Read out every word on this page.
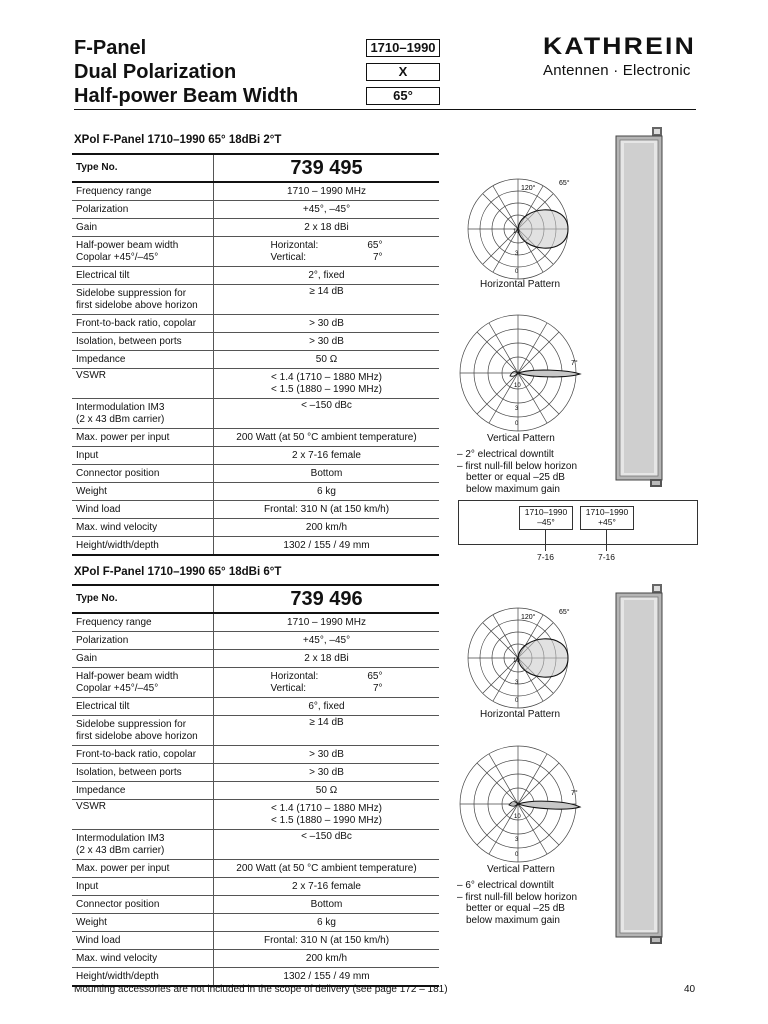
F-Panel
Dual Polarization
Half-power Beam Width
1710–1990
X
65°
KATHREIN
Antennen · Electronic
XPol F-Panel 1710–1990 65° 18dBi 2°T
Type No.	739 495
Frequency range	1710 – 1990 MHz
Polarization	+45°, –45°
Gain	2 x 18 dBi

Half-power beam width
Copolar +45°/–45°	Horizontal: 65°
Vertical: 7°

Electrical tilt	2°, fixed

Sidelobe suppression for
first sidelobe above horizon	≥ 14 dB
Front-to-back ratio, copolar	> 30 dB
Isolation, between ports	> 30 dB
Impedance	50 Ω
VSWR	< 1.4 (1710 – 1880 MHz)
< 1.5 (1880 – 1990 MHz)

Intermodulation IM3
(2 x 43 dBm carrier)	< –150 dBc
Max. power per input	200 Watt (at 50 °C ambient temperature)
Input	2 x 7-16 female
Connector position	Bottom
Weight	6 kg
Wind load	Frontal: 310 N (at 150 km/h)
Max. wind velocity	200 km/h
Height/width/depth	1302 / 155 / 49 mm
120°
65°
10
3
0
Horizontal Pattern
7°
10
3
0
Vertical Pattern
– 2° electrical downtilt
– first null-fill below horizon
better or equal –25 dB
below maximum gain
1710–1990
–45°
1710–1990
+45°
7-16	7-16
XPol F-Panel 1710–1990 65° 18dBi 6°T
Type No.	739 496
Frequency range	1710 – 1990 MHz
Polarization	+45°, –45°
Gain	2 x 18 dBi

Half-power beam width
Copolar +45°/–45°	Horizontal: 65°
Vertical: 7°

Electrical tilt	6°, fixed

Sidelobe suppression for
first sidelobe above horizon	≥ 14 dB
Front-to-back ratio, copolar	> 30 dB
Isolation, between ports	> 30 dB
Impedance	50 Ω
VSWR	< 1.4 (1710 – 1880 MHz)
< 1.5 (1880 – 1990 MHz)

Intermodulation IM3
(2 x 43 dBm carrier)	< –150 dBc
Max. power per input	200 Watt (at 50 °C ambient temperature)
Input	2 x 7-16 female
Connector position	Bottom
Weight	6 kg
Wind load	Frontal: 310 N (at 150 km/h)
Max. wind velocity	200 km/h
Height/width/depth	1302 / 155 / 49 mm
120°
65°
10
3
0
Horizontal Pattern
7°
10
3
0
Vertical Pattern
– 6° electrical downtilt
– first null-fill below horizon
better or equal –25 dB
below maximum gain
Mounting accessories are not included in the scope of delivery (see page 172 – 181)	40
